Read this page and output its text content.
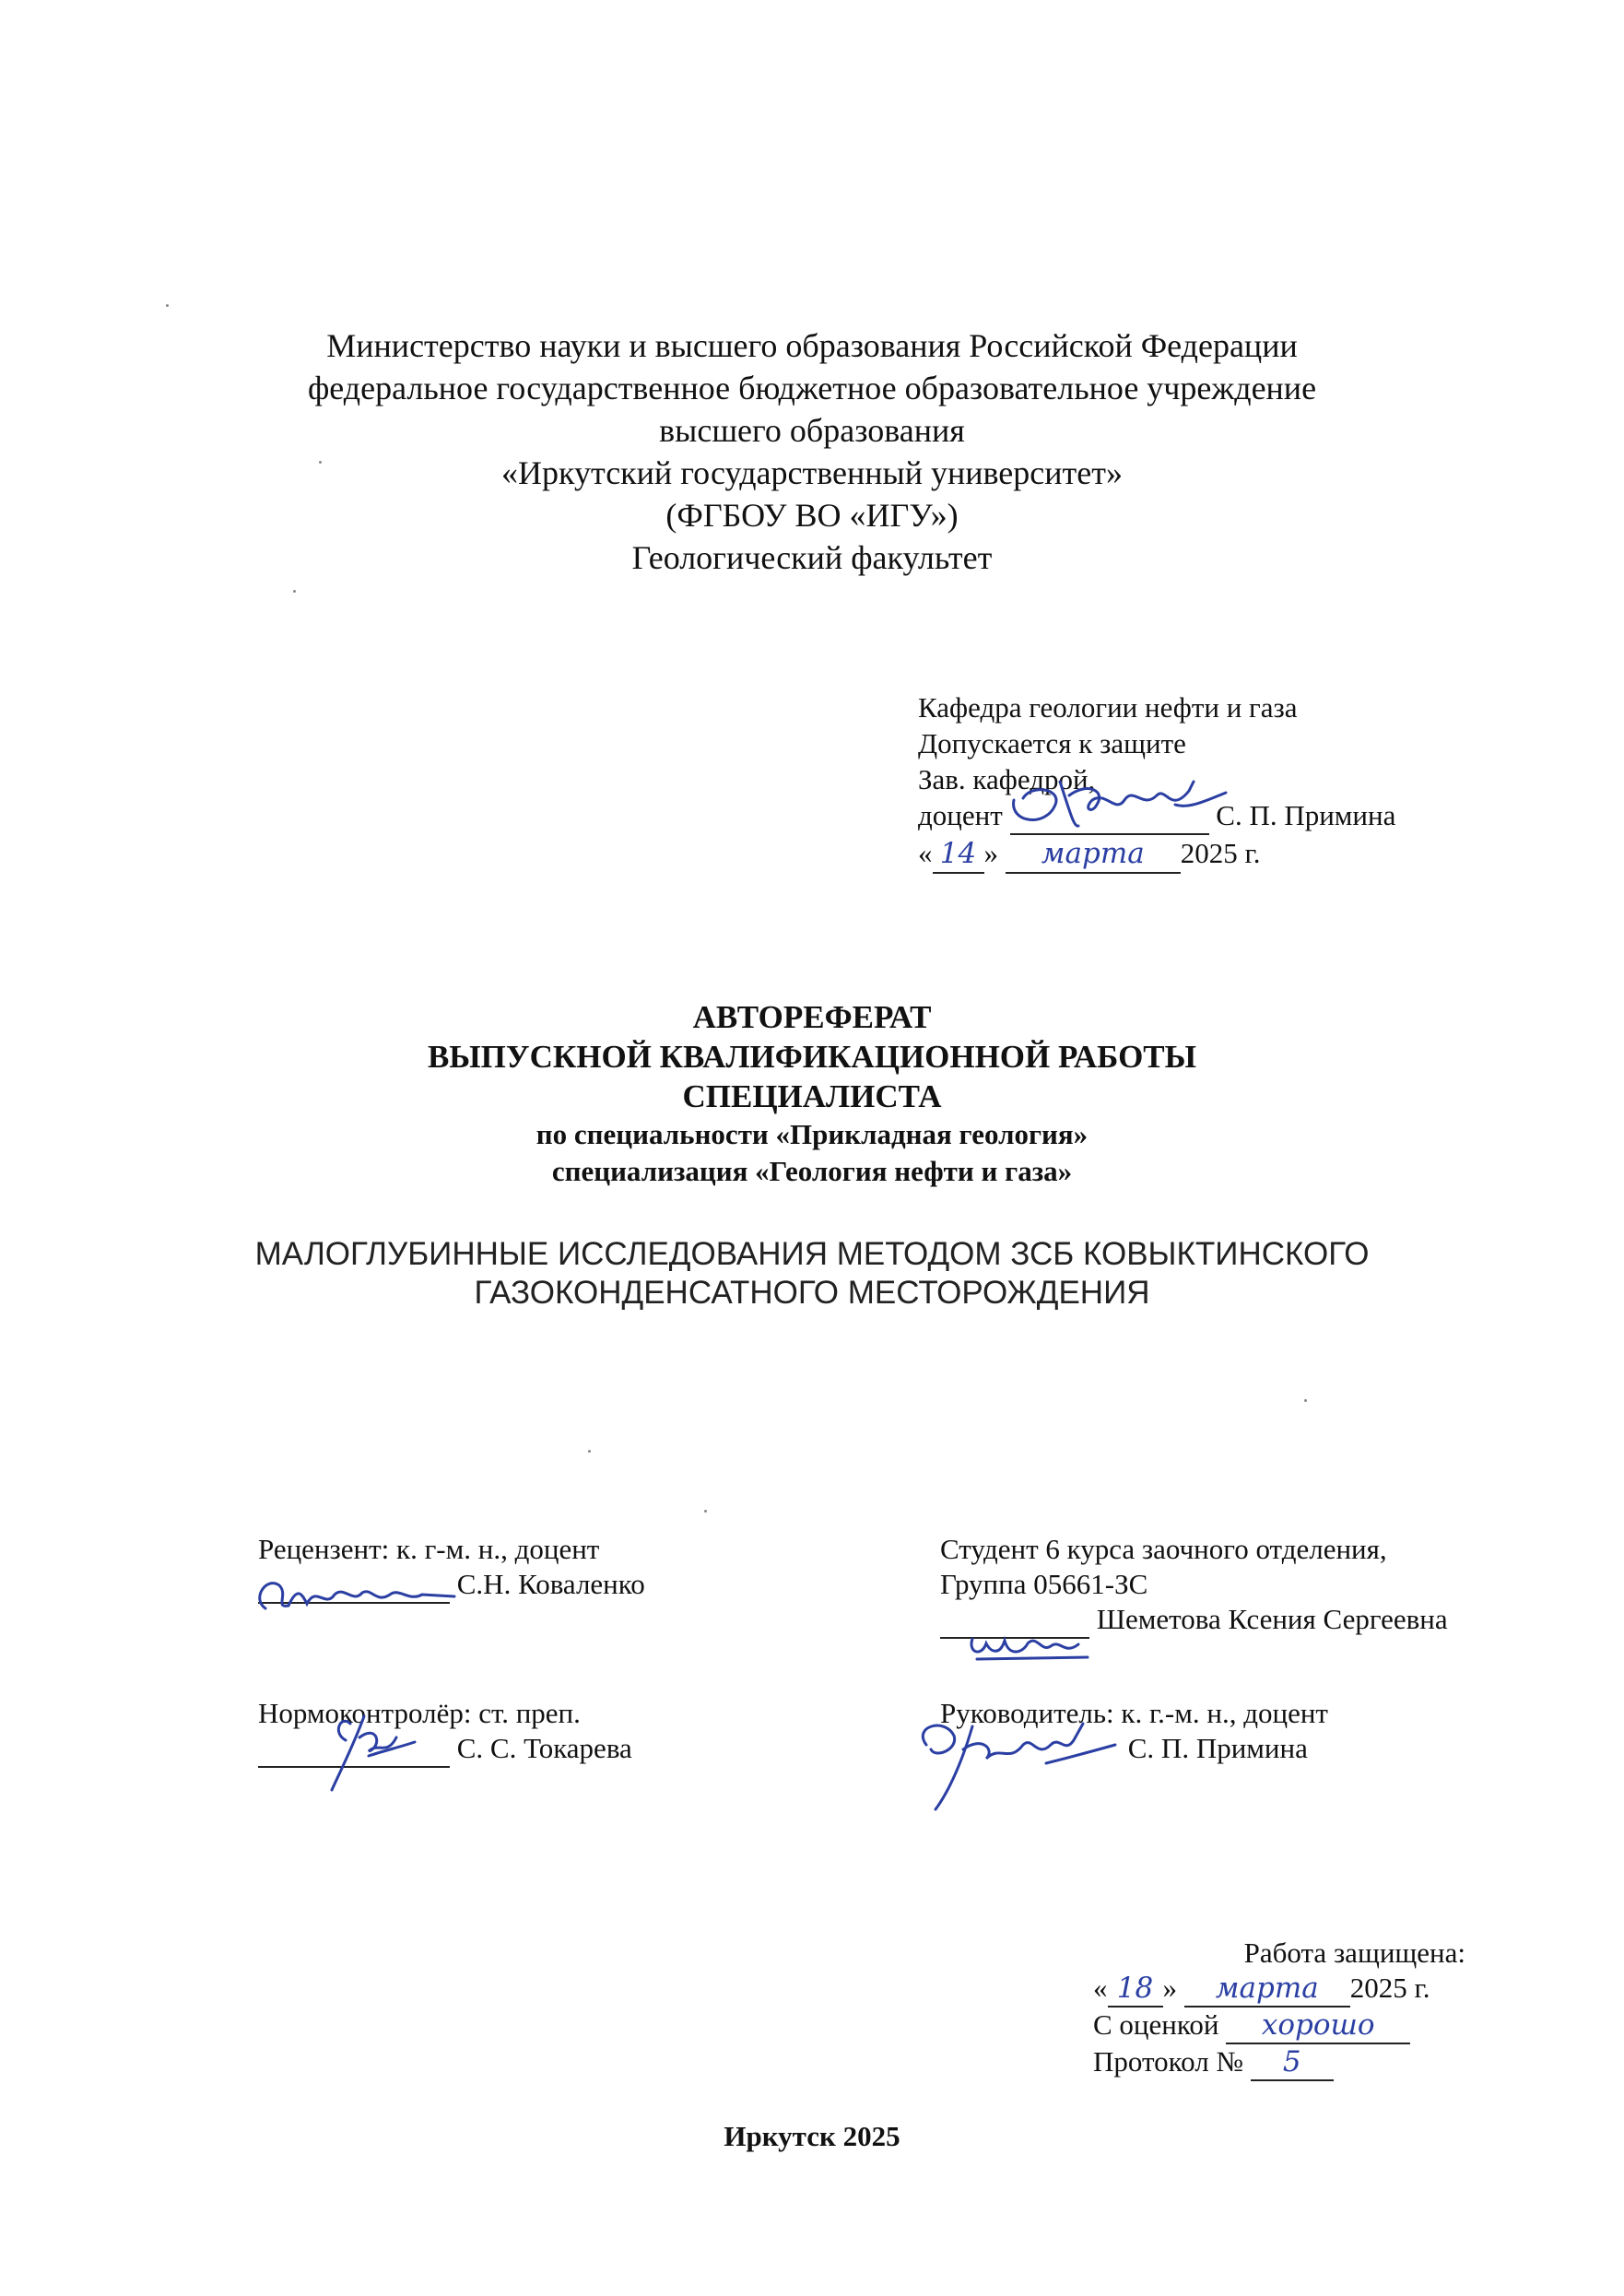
Министерство науки и высшего образования Российской Федерации
федеральное государственное бюджетное образовательное учреждение
высшего образования
«Иркутский государственный университет»
(ФГБОУ ВО «ИГУ»)
Геологический факультет
Кафедра геологии нефти и газа
Допускается к защите
Зав. кафедрой,
доцент	С. П. Примина
« 14 » марта 2025 г.
АВТОРЕФЕРАТ
ВЫПУСКНОЙ КВАЛИФИКАЦИОННОЙ РАБОТЫ
СПЕЦИАЛИСТА
по специальности «Прикладная геология»
специализация «Геология нефти и газа»
МАЛОГЛУБИННЫЕ ИССЛЕДОВАНИЯ МЕТОДОМ ЗСБ КОВЫКТИНСКОГО
ГАЗОКОНДЕНСАТНОГО МЕСТОРОЖДЕНИЯ
Рецензент: к. г-м. н., доцент
С.Н. Коваленко
Студент 6 курса заочного отделения,
Группа 05661-ЗС
Шеметова Ксения Сергеевна
Нормоконтролёр: ст. преп.
С. С. Токарева
Руководитель: к. г.-м. н., доцент
С. П. Примина
Работа защищена:
« 18 » марта 2025 г.
С оценкой хорошо
Протокол № 5
Иркутск 2025
